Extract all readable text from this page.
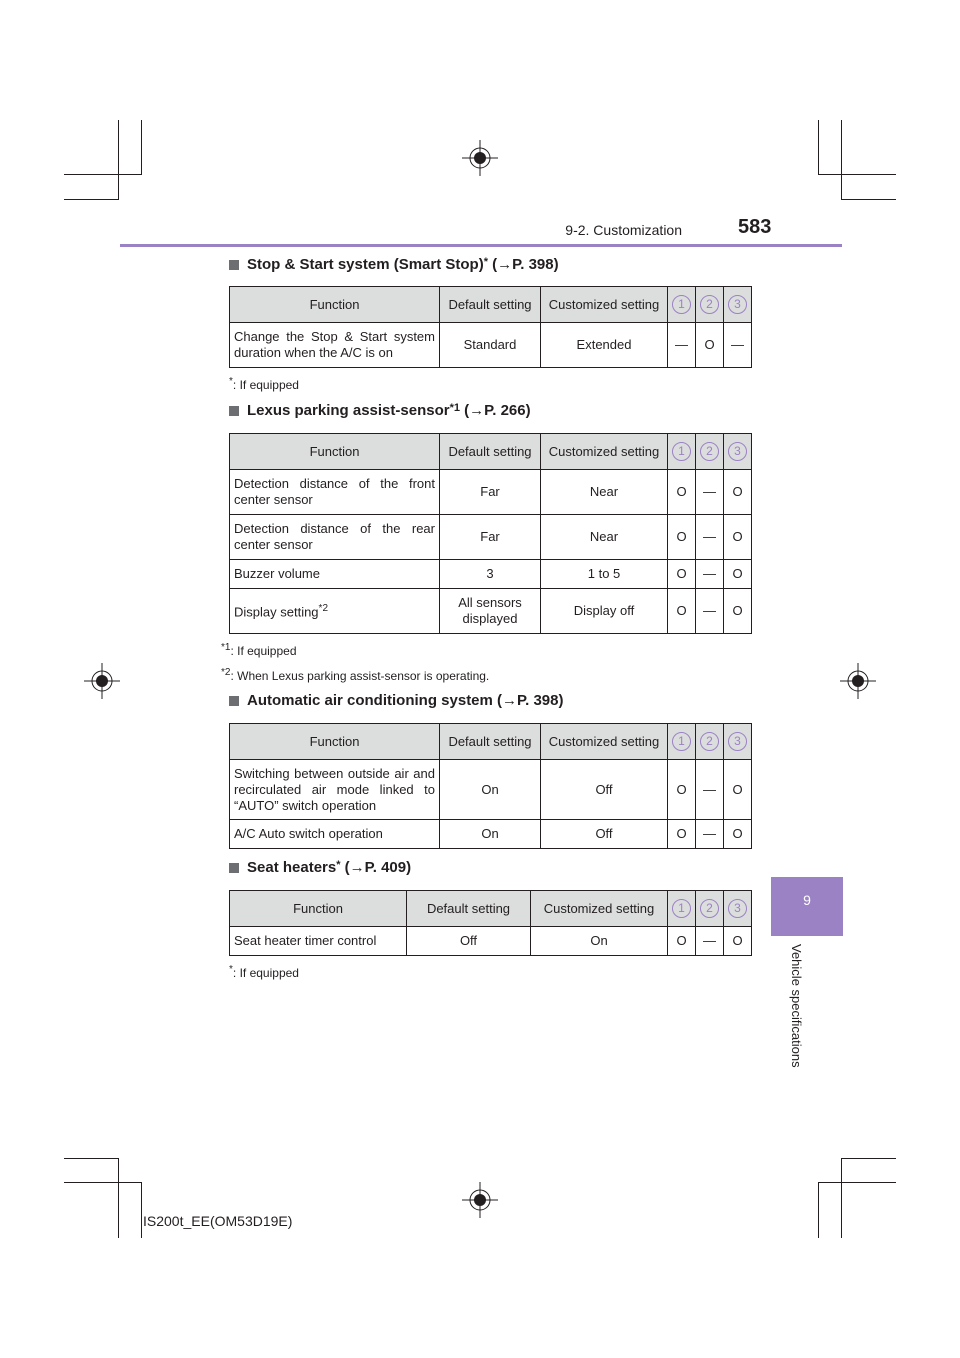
9-2. Customization	583
9
Vehicle specifications
Stop & Start system (Smart Stop) *
(→P. 398)
Function	Default setting	Customized setting	1	2	3
Change the Stop & Start system duration when the A/C is on	Standard	Extended	—	O	—
*: If equipped
Lexus parking assist-sensor *1
(→P. 266)
Function	Default setting	Customized setting	1	2	3
Detection distance of the front center sensor	Far	Near	O	—	O
Detection distance of the rear center sensor	Far	Near	O	—	O
Buzzer volume	3	1 to 5	O	—	O
Display setting$^{*2}$	All sensors displayed	Display off	O	—	O
$^{*1}$: If equipped
$^{*2}$: When Lexus parking assist-sensor is operating.
Automatic air conditioning system
(→P. 398)
Function	Default setting	Customized setting	1	2	3
Switching between outside air and recirculated air mode linked to “AUTO” switch operation	On	Off	O	—	O
A/C Auto switch operation	On	Off	O	—	O
Seat heaters *
(→P. 409)
Function	Default setting	Customized setting	1	2	3
Seat heater timer control	Off	On	O	—	O
*: If equipped
IS200t_EE(OM53D19E)
